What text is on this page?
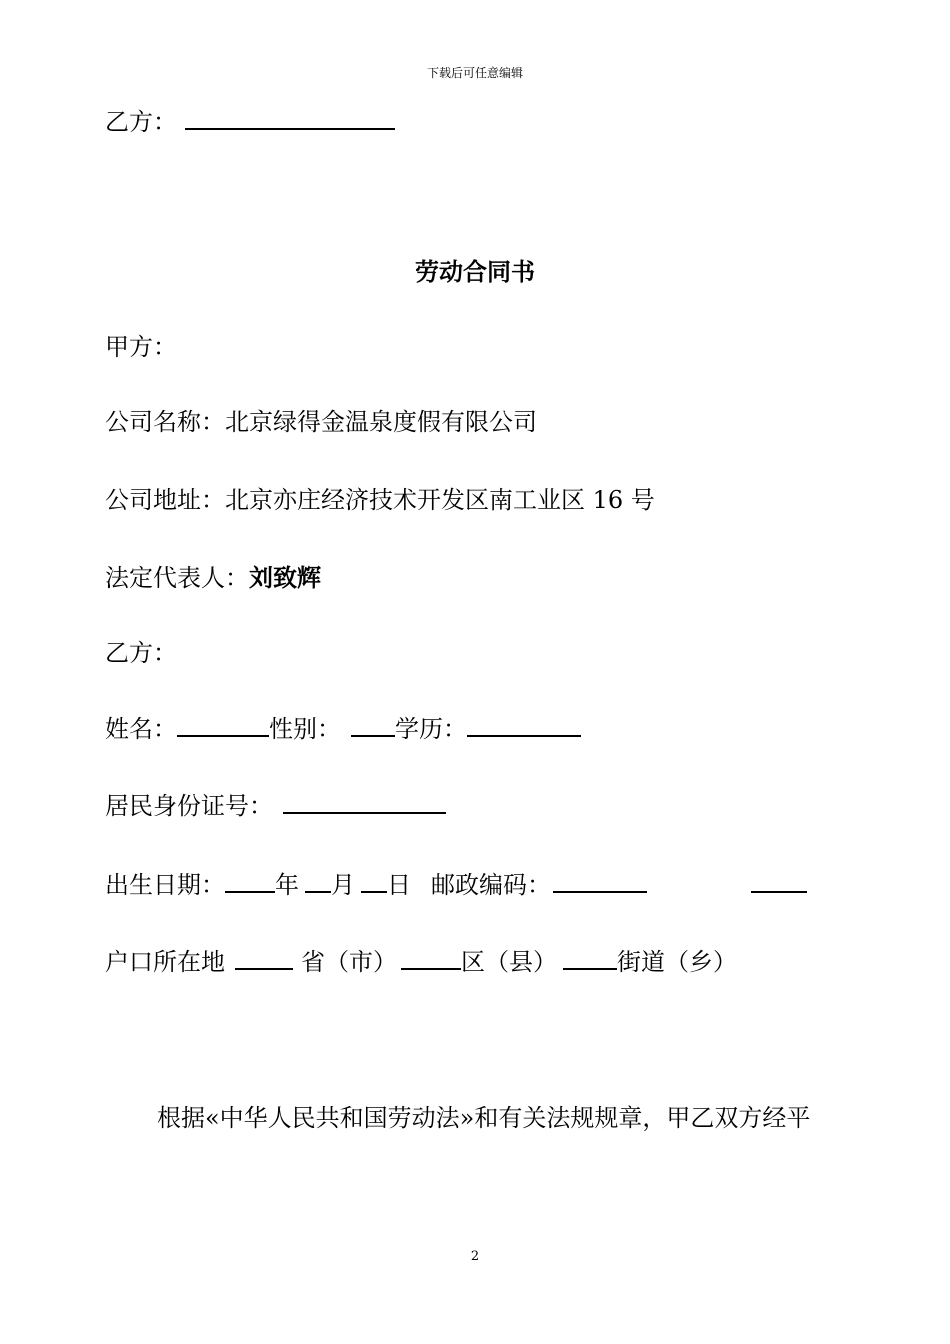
下载后可任意编辑
乙方：
劳动合同书
甲方：
公司名称：北京绿得金温泉度假有限公司
公司地址：北京亦庄经济技术开发区南工业区 16 号
法定代表人：刘致辉
乙方：
姓名：	性别： 学历：
居民身份证号：
出生日期： 年 月 日 邮政编码：
户口所在地	省（市）	区（县）	街道（乡）
根据«中华人民共和国劳动法»和有关法规规章，甲乙双方经平
2
